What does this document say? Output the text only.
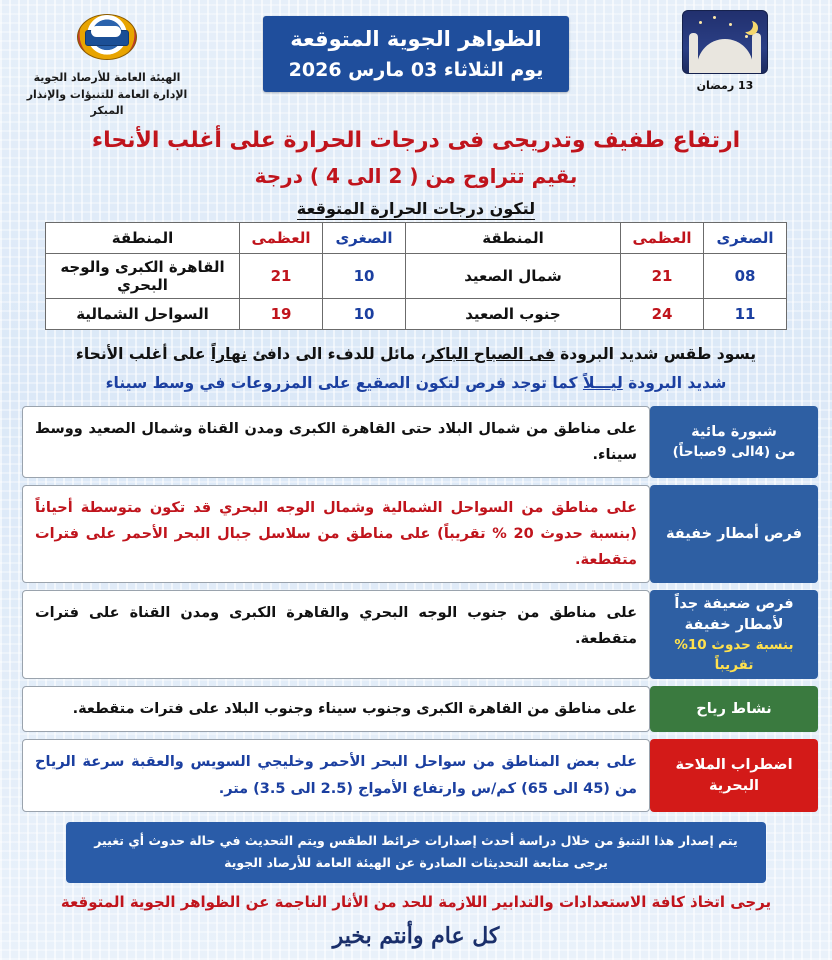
13 رمضان
الظواهر الجوية المتوقعة
يوم الثلاثاء 03 مارس 2026
الهيئة العامة للأرصاد الجوية
الإدارة العامة للتنبؤات والإنذار المبكر
ارتفاع طفيف وتدريجى فى درجات الحرارة على أغلب الأنحاء
بقيم تتراوح من ( 2 الى 4 ) درجة
لتكون درجات الحرارة المتوقعة
الصغرى	العظمى	المنطقة	الصغرى	العظمى	المنطقة
08	21	شمال الصعيد	10	21	القاهرة الكبرى والوجه البحري
11	24	جنوب الصعيد	10	19	السواحل الشمالية
يسود طقس شديد البرودة فى الصباح الباكر، مائل للدفء الى دافئ نهاراً على أغلب الأنحاء
شديد البرودة ليـــلاً كما توجد فرص لتكون الصقيع على المزروعات في وسط سيناء
شبورة مائية
من (4الى 9صباحاً)
على مناطق من شمال البلاد حتى القاهرة الكبرى ومدن القناة وشمال الصعيد ووسط سيناء.
فرص أمطار خفيفة
على مناطق من السواحل الشمالية وشمال الوجه البحري قد تكون متوسطة أحياناً (بنسبة حدوث 20 % تقريباً) على مناطق من سلاسل جبال البحر الأحمر على فترات متقطعة.
فرص ضعيفة جداً لأمطار خفيفة
بنسبة حدوث 10% تقريباً
على مناطق من جنوب الوجه البحري والقاهرة الكبرى ومدن القناة على فترات متقطعة.
نشاط رياح
على مناطق من القاهرة الكبرى وجنوب سيناء وجنوب البلاد على فترات متقطعة.
اضطراب الملاحة البحرية
على بعض المناطق من سواحل البحر الأحمر وخليجي السويس والعقبة سرعة الرياح من (45 الى 65) كم/س وارتفاع الأمواج (2.5 الى 3.5) متر.
يتم إصدار هذا التنبؤ من خلال دراسة أحدث إصدارات خرائط الطقس ويتم التحديث في حالة حدوث أي تغيير
يرجى متابعة التحديثات الصادرة عن الهيئة العامة للأرصاد الجوية
يرجى اتخاذ كافة الاستعدادات والتدابير اللازمة للحد من الأثار الناجمة عن الظواهر الجوية المتوقعة
كل عام وأنتم بخير
